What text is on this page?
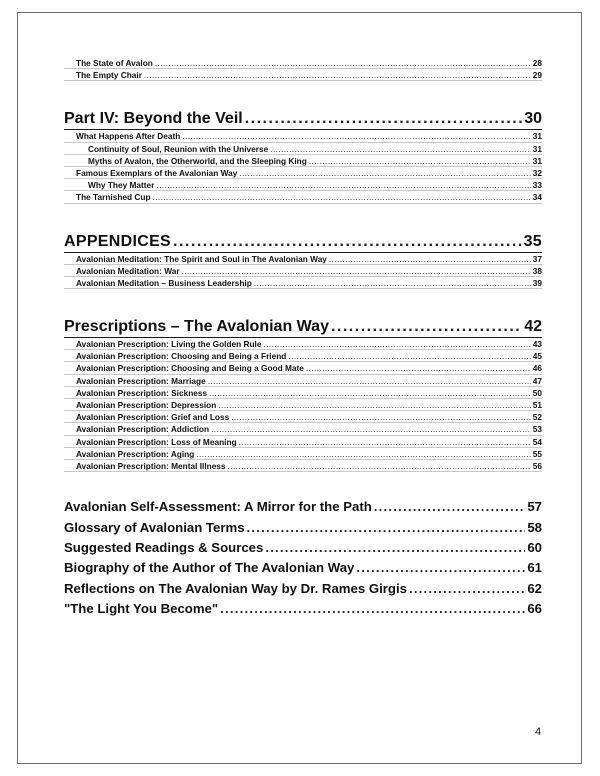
The State of Avalon .....	28
The Empty Chair .....	29
Part IV: Beyond the Veil .....	30
What Happens After Death .....	31
Continuity of Soul, Reunion with the Universe .....	31
Myths of Avalon, the Otherworld, and the Sleeping King .....	31
Famous Exemplars of the Avalonian Way .....	32
Why They Matter .....	33
The Tarnished Cup .....	34
APPENDICES .....	35
Avalonian Meditation: The Spirit and Soul in The Avalonian Way .....	37
Avalonian Meditation: War .....	38
Avalonian Meditation – Business Leadership .....	39
Prescriptions – The Avalonian Way .....	42
Avalonian Prescription: Living the Golden Rule .....	43
Avalonian Prescription: Choosing and Being a Friend .....	45
Avalonian Prescription: Choosing and Being a Good Mate .....	46
Avalonian Prescription: Marriage .....	47
Avalonian Prescription: Sickness .....	50
Avalonian Prescription: Depression .....	51
Avalonian Prescription: Grief and Loss .....	52
Avalonian Prescription: Addiction .....	53
Avalonian Prescription: Loss of Meaning .....	54
Avalonian Prescription: Aging .....	55
Avalonian Prescription: Mental Illness .....	56
Avalonian Self-Assessment: A Mirror for the Path .....	57
Glossary of Avalonian Terms .....	58
Suggested Readings & Sources .....	60
Biography of the Author of The Avalonian Way .....	61
Reflections on The Avalonian Way by Dr. Rames Girgis .....	62
"The Light You Become" .....	66
4
